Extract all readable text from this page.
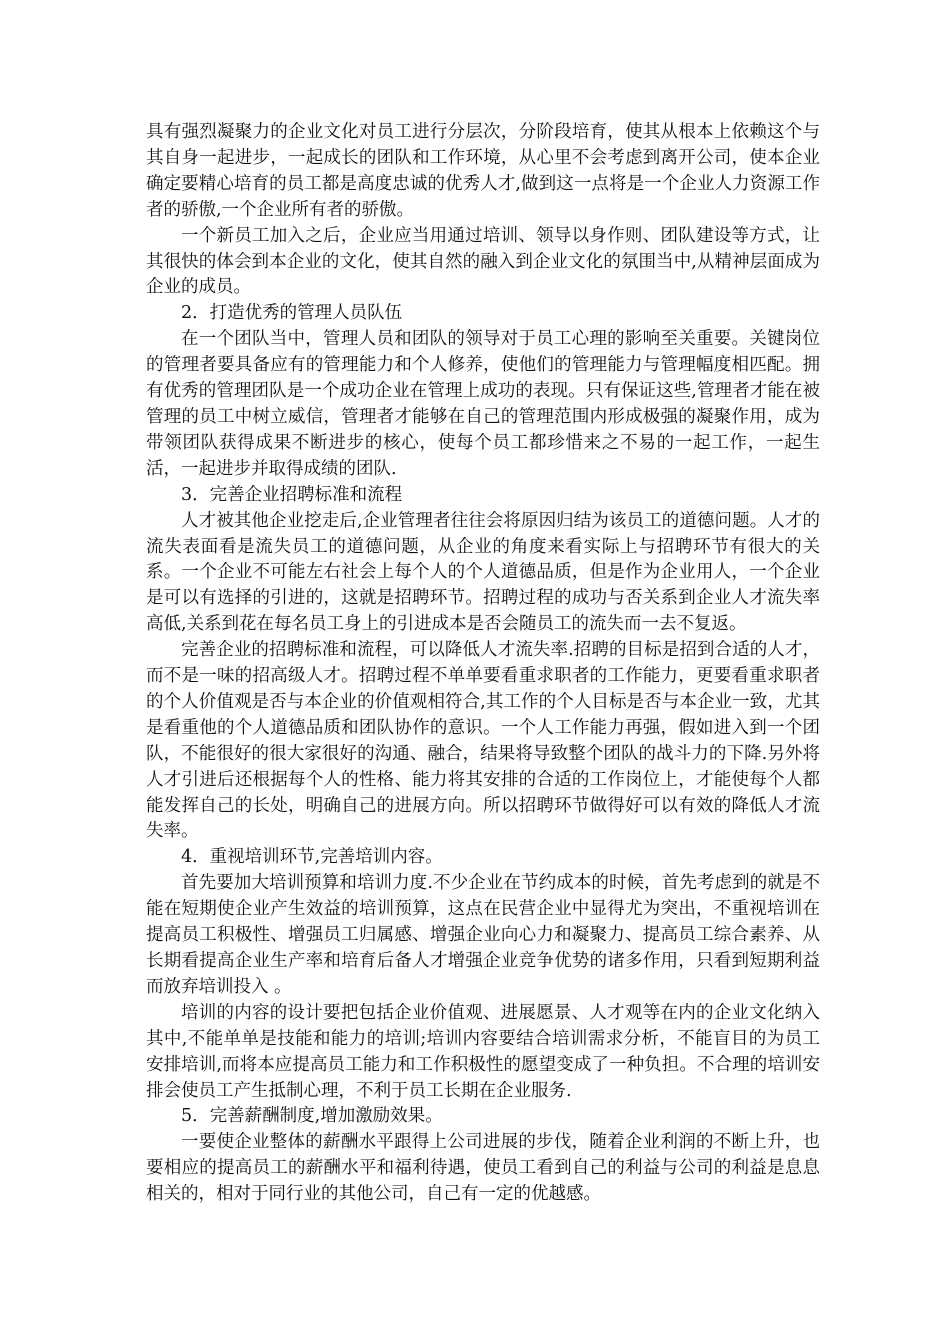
具有强烈凝聚力的企业文化对员工进行分层次，分阶段培育，使其从根本上依赖这个与其自身一起进步，一起成长的团队和工作环境，从心里不会考虑到离开公司，使本企业确定要精心培育的员工都是高度忠诚的优秀人才,做到这一点将是一个企业人力资源工作者的骄傲,一个企业所有者的骄傲。

一个新员工加入之后，企业应当用通过培训、领导以身作则、团队建设等方式，让其很快的体会到本企业的文化，使其自然的融入到企业文化的氛围当中,从精神层面成为企业的成员。

2．打造优秀的管理人员队伍

在一个团队当中，管理人员和团队的领导对于员工心理的影响至关重要。关键岗位的管理者要具备应有的管理能力和个人修养，使他们的管理能力与管理幅度相匹配。拥有优秀的管理团队是一个成功企业在管理上成功的表现。只有保证这些,管理者才能在被管理的员工中树立威信，管理者才能够在自己的管理范围内形成极强的凝聚作用，成为带领团队获得成果不断进步的核心，使每个员工都珍惜来之不易的一起工作，一起生活，一起进步并取得成绩的团队.

3．完善企业招聘标准和流程

人才被其他企业挖走后,企业管理者往往会将原因归结为该员工的道德问题。人才的流失表面看是流失员工的道德问题，从企业的角度来看实际上与招聘环节有很大的关系。一个企业不可能左右社会上每个人的个人道德品质，但是作为企业用人，一个企业是可以有选择的引进的，这就是招聘环节。招聘过程的成功与否关系到企业人才流失率高低,关系到花在每名员工身上的引进成本是否会随员工的流失而一去不复返。

完善企业的招聘标准和流程，可以降低人才流失率.招聘的目标是招到合适的人才，而不是一味的招高级人才。招聘过程不单单要看重求职者的工作能力，更要看重求职者的个人价值观是否与本企业的价值观相符合,其工作的个人目标是否与本企业一致，尤其是看重他的个人道德品质和团队协作的意识。一个人工作能力再强，假如进入到一个团队，不能很好的很大家很好的沟通、融合，结果将导致整个团队的战斗力的下降.另外将人才引进后还根据每个人的性格、能力将其安排的合适的工作岗位上，才能使每个人都能发挥自己的长处，明确自己的进展方向。所以招聘环节做得好可以有效的降低人才流失率。

4．重视培训环节,完善培训内容。

首先要加大培训预算和培训力度.不少企业在节约成本的时候，首先考虑到的就是不能在短期使企业产生效益的培训预算，这点在民营企业中显得尤为突出，不重视培训在提高员工积极性、增强员工归属感、增强企业向心力和凝聚力、提高员工综合素养、从长期看提高企业生产率和培育后备人才增强企业竞争优势的诸多作用，只看到短期利益而放弃培训投入 。

培训的内容的设计要把包括企业价值观、进展愿景、人才观等在内的企业文化纳入其中,不能单单是技能和能力的培训;培训内容要结合培训需求分析，不能盲目的为员工安排培训,而将本应提高员工能力和工作积极性的愿望变成了一种负担。不合理的培训安排会使员工产生抵制心理，不利于员工长期在企业服务.

5．完善薪酬制度,增加激励效果。

一要使企业整体的薪酬水平跟得上公司进展的步伐，随着企业利润的不断上升，也要相应的提高员工的薪酬水平和福利待遇，使员工看到自己的利益与公司的利益是息息相关的，相对于同行业的其他公司，自己有一定的优越感。
